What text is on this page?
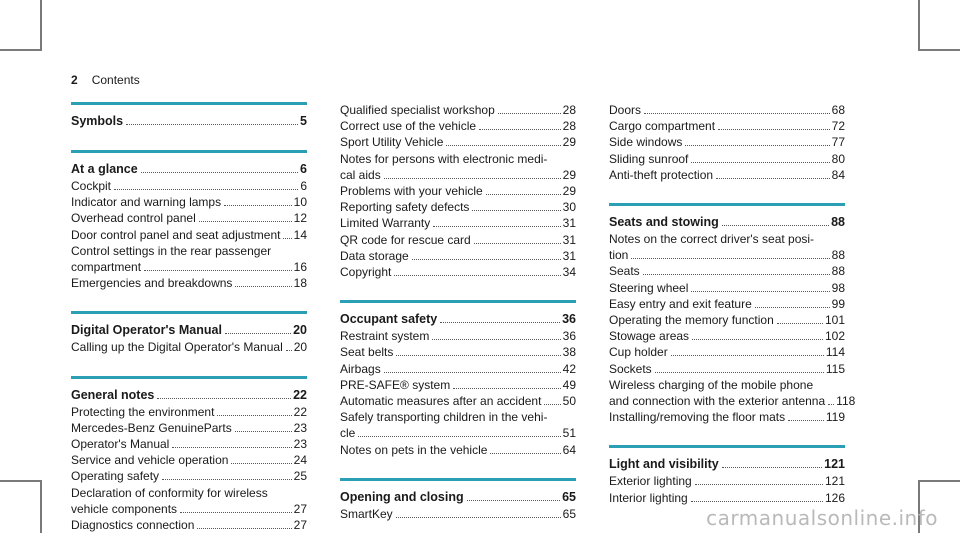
2 Contents
Symbols	5
At a glance	6
Cockpit	6
Indicator and warning lamps	10
Overhead control panel	12
Door control panel and seat adjustment 14
Control settings in the rear passenger
compartment	16
Emergencies and breakdowns	18
Digital Operator's Manual	20
Calling up the Digital Operator's Manual 20
General notes	22
Protecting the environment	22
Mercedes-Benz GenuineParts	23
Operator's Manual	23
Service and vehicle operation	24
Operating safety	25
Declaration of conformity for wireless
vehicle components	27
Diagnostics connection	27
Qualified specialist workshop	28
Correct use of the vehicle	28
Sport Utility Vehicle	29
Notes for persons with electronic medi-
cal aids	29
Problems with your vehicle	29
Reporting safety defects	30
Limited Warranty	31
QR code for rescue card	31
Data storage	31
Copyright	34
Occupant safety	36
Restraint system	36
Seat belts	38
Airbags	42
PRE-SAFE® system	49
Automatic measures after an accident 50
Safely transporting children in the vehi-
cle	51
Notes on pets in the vehicle	64
Opening and closing	65
SmartKey	65
Doors	68
Cargo compartment	72
Side windows	77
Sliding sunroof	80
Anti-theft protection	84
Seats and stowing	88
Notes on the correct driver's seat posi-
tion	88
Seats	88
Steering wheel	98
Easy entry and exit feature	99
Operating the memory function	101
Stowage areas	102
Cup holder	114
Sockets	115
Wireless charging of the mobile phone
and connection with the exterior antenna 118
Installing/removing the floor mats	119
Light and visibility	121
Exterior lighting	121
Interior lighting	126
carmanualsonline.info
